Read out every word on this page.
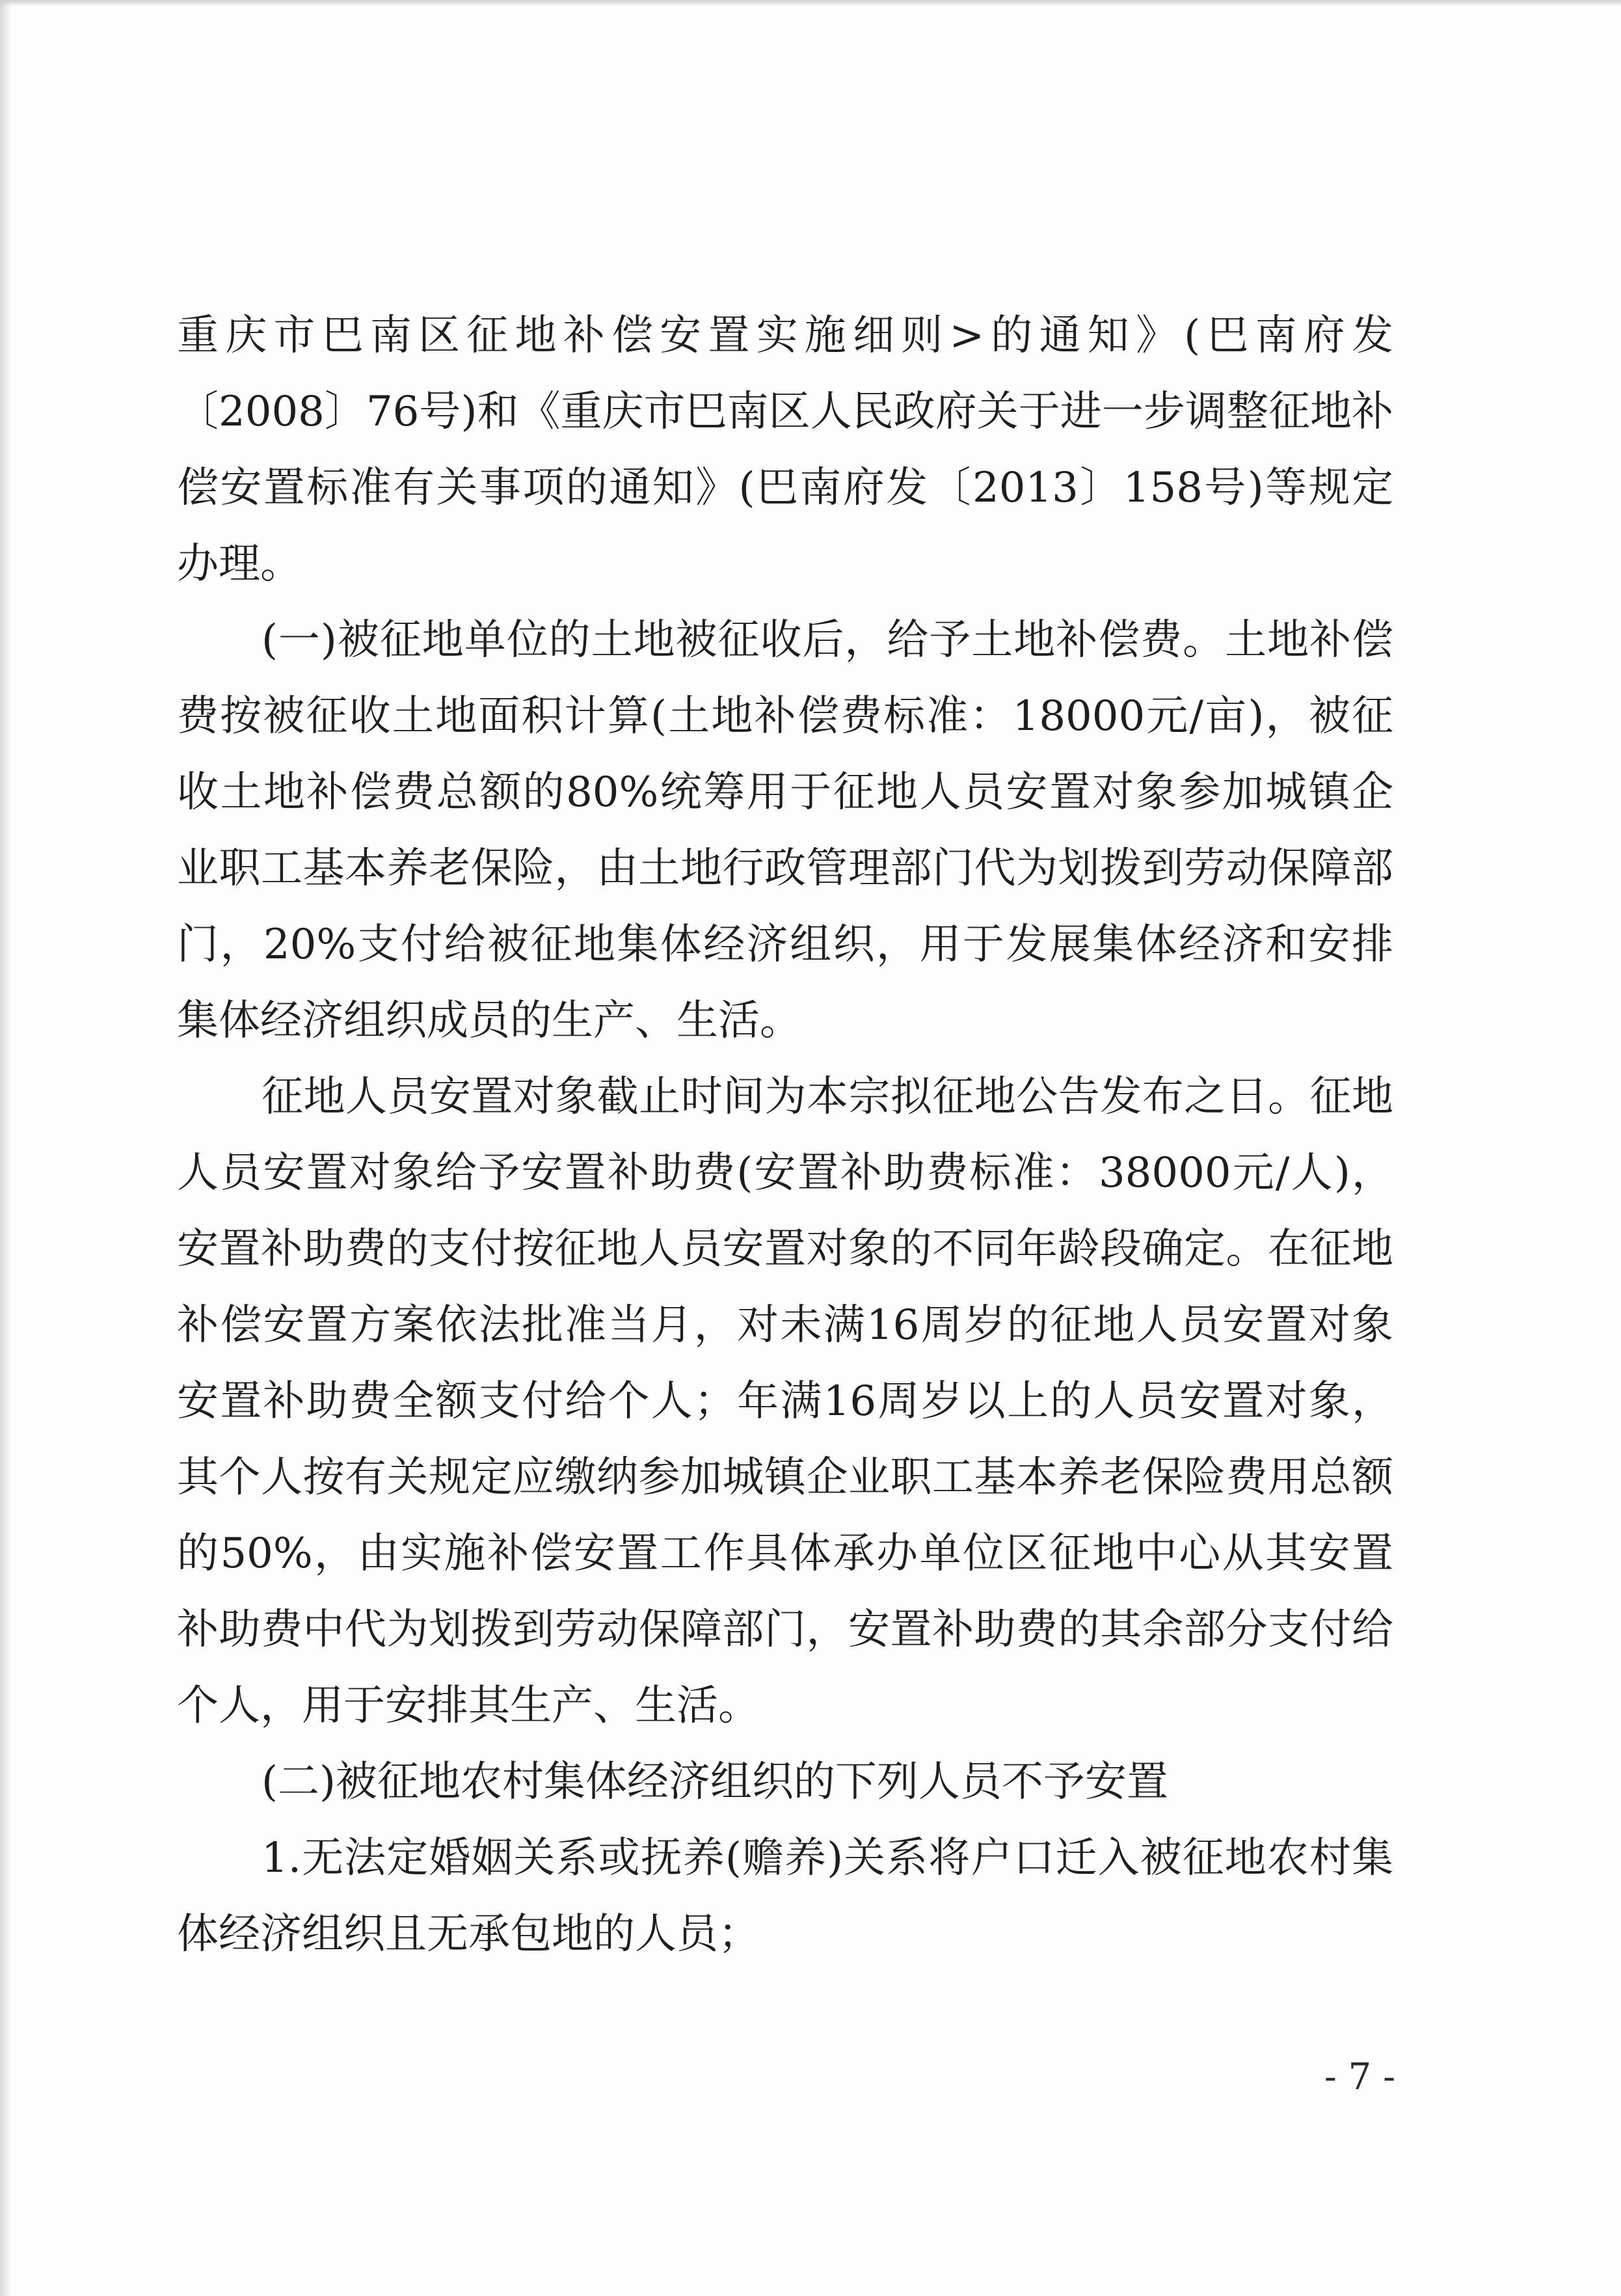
重庆市巴南区征地补偿安置实施细则>的通知》(巴南府发〔2008〕76号)和《重庆市巴南区人民政府关于进一步调整征地补偿安置标准有关事项的通知》(巴南府发〔2013〕158号)等规定办理。

(一)被征地单位的土地被征收后，给予土地补偿费。土地补偿费按被征收土地面积计算(土地补偿费标准：18000元/亩)，被征收土地补偿费总额的80%统筹用于征地人员安置对象参加城镇企业职工基本养老保险，由土地行政管理部门代为划拨到劳动保障部门，20%支付给被征地集体经济组织，用于发展集体经济和安排集体经济组织成员的生产、生活。

征地人员安置对象截止时间为本宗拟征地公告发布之日。征地人员安置对象给予安置补助费(安置补助费标准：38000元/人)，安置补助费的支付按征地人员安置对象的不同年龄段确定。在征地补偿安置方案依法批准当月，对未满16周岁的征地人员安置对象安置补助费全额支付给个人；年满16周岁以上的人员安置对象，其个人按有关规定应缴纳参加城镇企业职工基本养老保险费用总额的50%，由实施补偿安置工作具体承办单位区征地中心从其安置补助费中代为划拨到劳动保障部门，安置补助费的其余部分支付给个人，用于安排其生产、生活。

(二)被征地农村集体经济组织的下列人员不予安置

1.无法定婚姻关系或抚养(赡养)关系将户口迁入被征地农村集体经济组织且无承包地的人员；

- 7 -
